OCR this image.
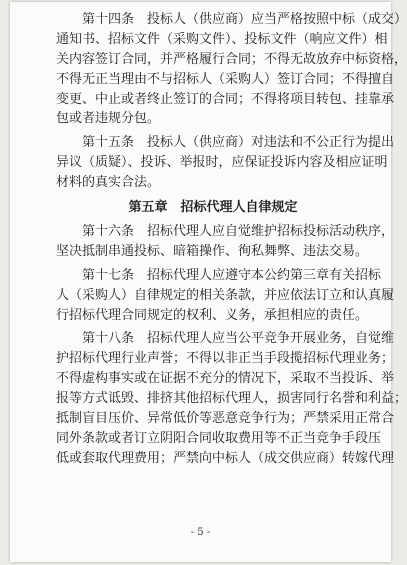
第十四条　投标人（供应商）应当严格按照中标（成交）
通知书、招标文件（采购文件）、投标文件（响应文件）相
关内容签订合同，并严格履行合同；不得无故放弃中标资格，
不得无正当理由不与招标人（采购人）签订合同；不得擅自
变更、中止或者终止签订的合同；不得将项目转包、挂靠承
包或者违规分包。
第十五条　投标人（供应商）对违法和不公正行为提出
异议（质疑）、投诉、举报时，应保证投诉内容及相应证明
材料的真实合法。
第五章　招标代理人自律规定
第十六条　招标代理人应自觉维护招标投标活动秩序，
坚决抵制串通投标、暗箱操作、徇私舞弊、违法交易。
第十七条　招标代理人应遵守本公约第三章有关招标
人（采购人）自律规定的相关条款，并应依法订立和认真履
行招标代理合同规定的权利、义务，承担相应的责任。
第十八条　招标代理人应当公平竞争开展业务，自觉维
护招标代理行业声誉；不得以非正当手段揽招标代理业务；
不得虚构事实或在证据不充分的情况下，采取不当投诉、举
报等方式诋毁、排挤其他招标代理人，损害同行名誉和利益；
抵制盲目压价、异常低价等恶意竞争行为；严禁采用正常合
同外条款或者订立阴阳合同收取费用等不正当竞争手段压
低或套取代理费用；严禁向中标人（成交供应商）转嫁代理
- 5 -
